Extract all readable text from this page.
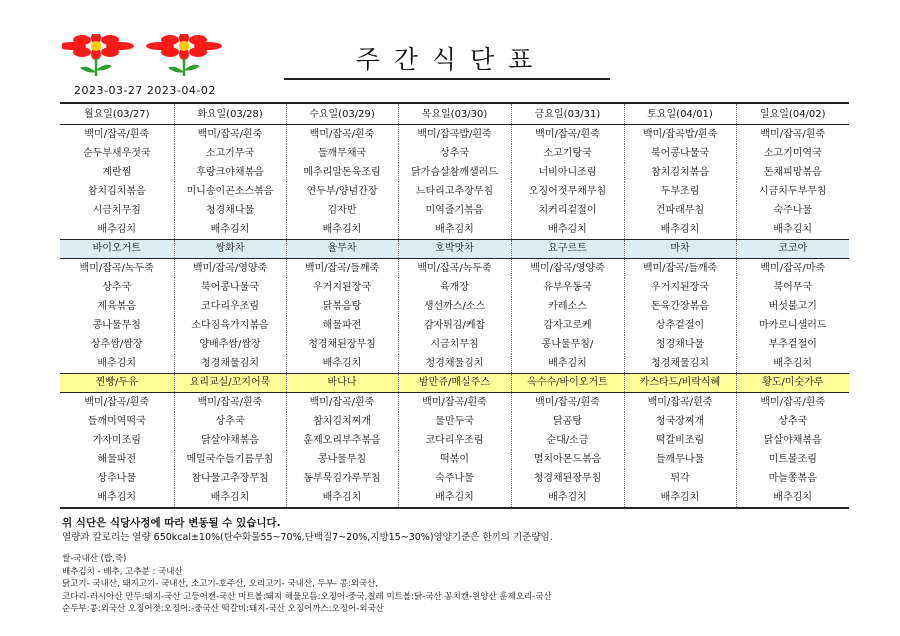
주간식단표
2023-03-27 2023-04-02
월요일(03/27)	화요일(03/28)	수요일(03/29)	목요일(03/30)	금요일(03/31)	토요일(04/01)	일요일(04/02)
백미/잡곡/흰죽	백미/잡곡/흰죽	백미/잡곡/흰죽	백미/잡곡밥/흰죽	백미/잡곡/흰죽	백미/잡곡밥/흰죽	백미/잡곡/흰죽
순두부새우젓국	소고기무국	들깨무채국	상추국	소고기탕국	북어콩나물국	소고기미역국
계란찜	후랑크야채볶음	메추리알돈육조림	닭가슴살참깨샐러드	너비아니조림	참치김치볶음	돈채피망볶음
참치김치볶음	미니송이곤소스볶음	연두부/양념간장	느타리고추장무침	오징어젓무채무침	두부조림	시금치두부무침
시금치무침	청경채나물	김자반	미역줄기볶음	치커리겉절이	건파래무침	숙주나물
배추김치	배추김치	배추김치	배추김치	배추김치	배추김치	배추김치
바이오거트	쌍화차	율무차	호박맛차	요구르트	마차	코코아
백미/잡곡/녹두죽	백미/잡곡/영양죽	백미/잡곡/들깨죽	백미/잡곡/녹두죽	백미/잡곡/영양죽	백미/잡곡/들깨죽	백미/잡곡/마죽
상추국	북어콩나물국	우거지된장국	육개장	유부우동국	우거지된장국	북어무국
제육볶음	코다리우조림	닭볶음탕	생선까스/소스	카레소스	돈육간장볶음	버섯불고기
콩나물무침	소다짐육가지볶음	해물파전	감자튀김/케찹	감자고로케	상추겉절이	마카로니샐러드
상추쌈/쌈장	양배추쌈/쌈장	청경채된장무침	시금치무침	콩나물무침/	청경채나물	부추겉절이
배추김치	청경채물김치	배추김치	청경채물김치	배추김치	청경채물김치	배추김치
찐빵/두유	요리교실/꼬지어묵	바나나	밤만쥬/매실주스	옥수수/바이오거트	카스타드/비락식혜	황도/미숫가루
백미/잡곡/흰죽	백미/잡곡/흰죽	백미/잡곡/흰죽	백미/잡곡/흰죽	백미/잡곡/흰죽	백미/잡곡/흰죽	백미/잡곡/흰죽
들깨미역떡국	상추국	참치김치찌개	물만두국	닭곰탕	청국장찌개	상추국
가자미조림	닭살야채볶음	훈제오리부추볶음	코다리우조림	순대/소금	떡갈비조림	닭살야채볶음
해물파전	메밀국수들기름무침	콩나물무침	떡볶이	멸치아몬드볶음	들깨무나물	미트볼조림
상추나물	참나물고추장무침	동부묵김가루무침	숙주나물	청경채된장무침	튀각	마늘쫑볶음
배추김치	배추김치	배추김치	배추김치	배추김치	배추김치	배추김치
위 식단은 식당사정에 따라 변동될 수 있습니다.
열량과 칼로리는 열량 650kcal±10%(탄수화물55~70%,단백질7~20%,지방15~30%)영양기준은 한끼의 기준량임.
쌀-국내산 (밥,죽)
배추김치 - 배추, 고추분 : 국내산
닭고기- 국내산, 돼지고기- 국내산, 소고기-호주산, 오리고기- 국내산, 두부- 콩:외국산,
코다리-러시아산 만두:돼지-국산 고등어캔-국산 미트볼:돼지 해물모듬:오징어-중국,칠레 미트볼:닭-국산 꽁치캔-원양산 훈제오리-국산
순두부:콩:외국산 오징어젓:오징어:-중국산 떡갈비:돼지-국산 오징어까스:오징어-외국산
